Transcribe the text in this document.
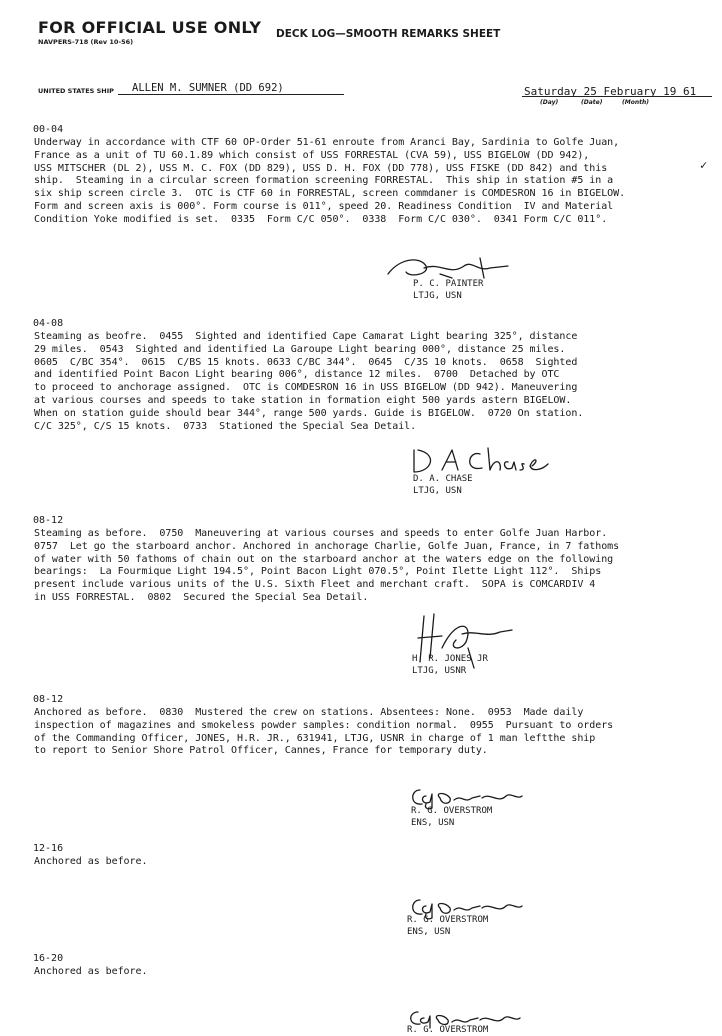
FOR OFFICIAL USE ONLY
NAVPERS-718 (Rev 10-56)
DECK LOG—SMOOTH REMARKS SHEET
UNITED STATES SHIP ALLEN M. SUMNER (DD 692)	Saturday 25 February 19 61
(Day)	(Date)	(Month)
✓
00-04
Underway in accordance with CTF 60 OP-Order 51-61 enroute from Aranci Bay, Sardinia to Golfe Juan,
France as a unit of TU 60.1.89 which consist of USS FORRESTAL (CVA 59), USS BIGELOW (DD 942),
USS MITSCHER (DL 2), USS M. C. FOX (DD 829), USS D. H. FOX (DD 778), USS FISKE (DD 842) and this
ship.  Steaming in a circular screen formation screening FORRESTAL.  This ship in station #5 in a
six ship screen circle 3.  OTC is CTF 60 in FORRESTAL, screen commdaner is COMDESRON 16 in BIGELOW.
Form and screen axis is 000°. Form course is 011°, speed 20. Readiness Condition  IV and Material
Condition Yoke modified is set.  0335  Form C/C 050°.  0338  Form C/C 030°.  0341 Form C/C 011°.
P. C. PAINTER
LTJG, USN
04-08
Steaming as beofre.  0455  Sighted and identified Cape Camarat Light bearing 325°, distance
29 miles.  0543  Sighted and identified La Garoupe Light bearing 000°, distance 25 miles.
0605  C/BC 354°.  0615  C/BS 15 knots. 0633 C/BC 344°.  0645  C/3S 10 knots.  0658  Sighted
and identified Point Bacon Light bearing 006°, distance 12 miles.  0700  Detached by OTC
to proceed to anchorage assigned.  OTC is COMDESRON 16 in USS BIGELOW (DD 942). Maneuvering
at various courses and speeds to take station in formation eight 500 yards astern BIGELOW.
When on station guide should bear 344°, range 500 yards. Guide is BIGELOW.  0720 On station.
C/C 325°, C/S 15 knots.  0733  Stationed the Special Sea Detail.
D. A. CHASE
LTJG, USN
08-12
Steaming as before.  0750  Maneuvering at various courses and speeds to enter Golfe Juan Harbor.
0757  Let go the starboard anchor. Anchored in anchorage Charlie, Golfe Juan, France, in 7 fathoms
of water with 50 fathoms of chain out on the starboard anchor at the waters edge on the following
bearings:  La Fourmique Light 194.5°, Point Bacon Light 070.5°, Point Ilette Light 112°.  Ships
present include various units of the U.S. Sixth Fleet and merchant craft.  SOPA is COMCARDIV 4
in USS FORRESTAL.  0802  Secured the Special Sea Detail.
H. R. JONES JR
LTJG, USNR
08-12
Anchored as before.  0830  Mustered the crew on stations. Absentees: None.  0953  Made daily
inspection of magazines and smokeless powder samples: condition normal.  0955  Pursuant to orders
of the Commanding Officer, JONES, H.R. JR., 631941, LTJG, USNR in charge of 1 man leftthe ship
to report to Senior Shore Patrol Officer, Cannes, France for temporary duty.
R. G. OVERSTROM
ENS, USN
12-16
Anchored as before.
R. G. OVERSTROM
ENS, USN
16-20
Anchored as before.
R. G. OVERSTROM
